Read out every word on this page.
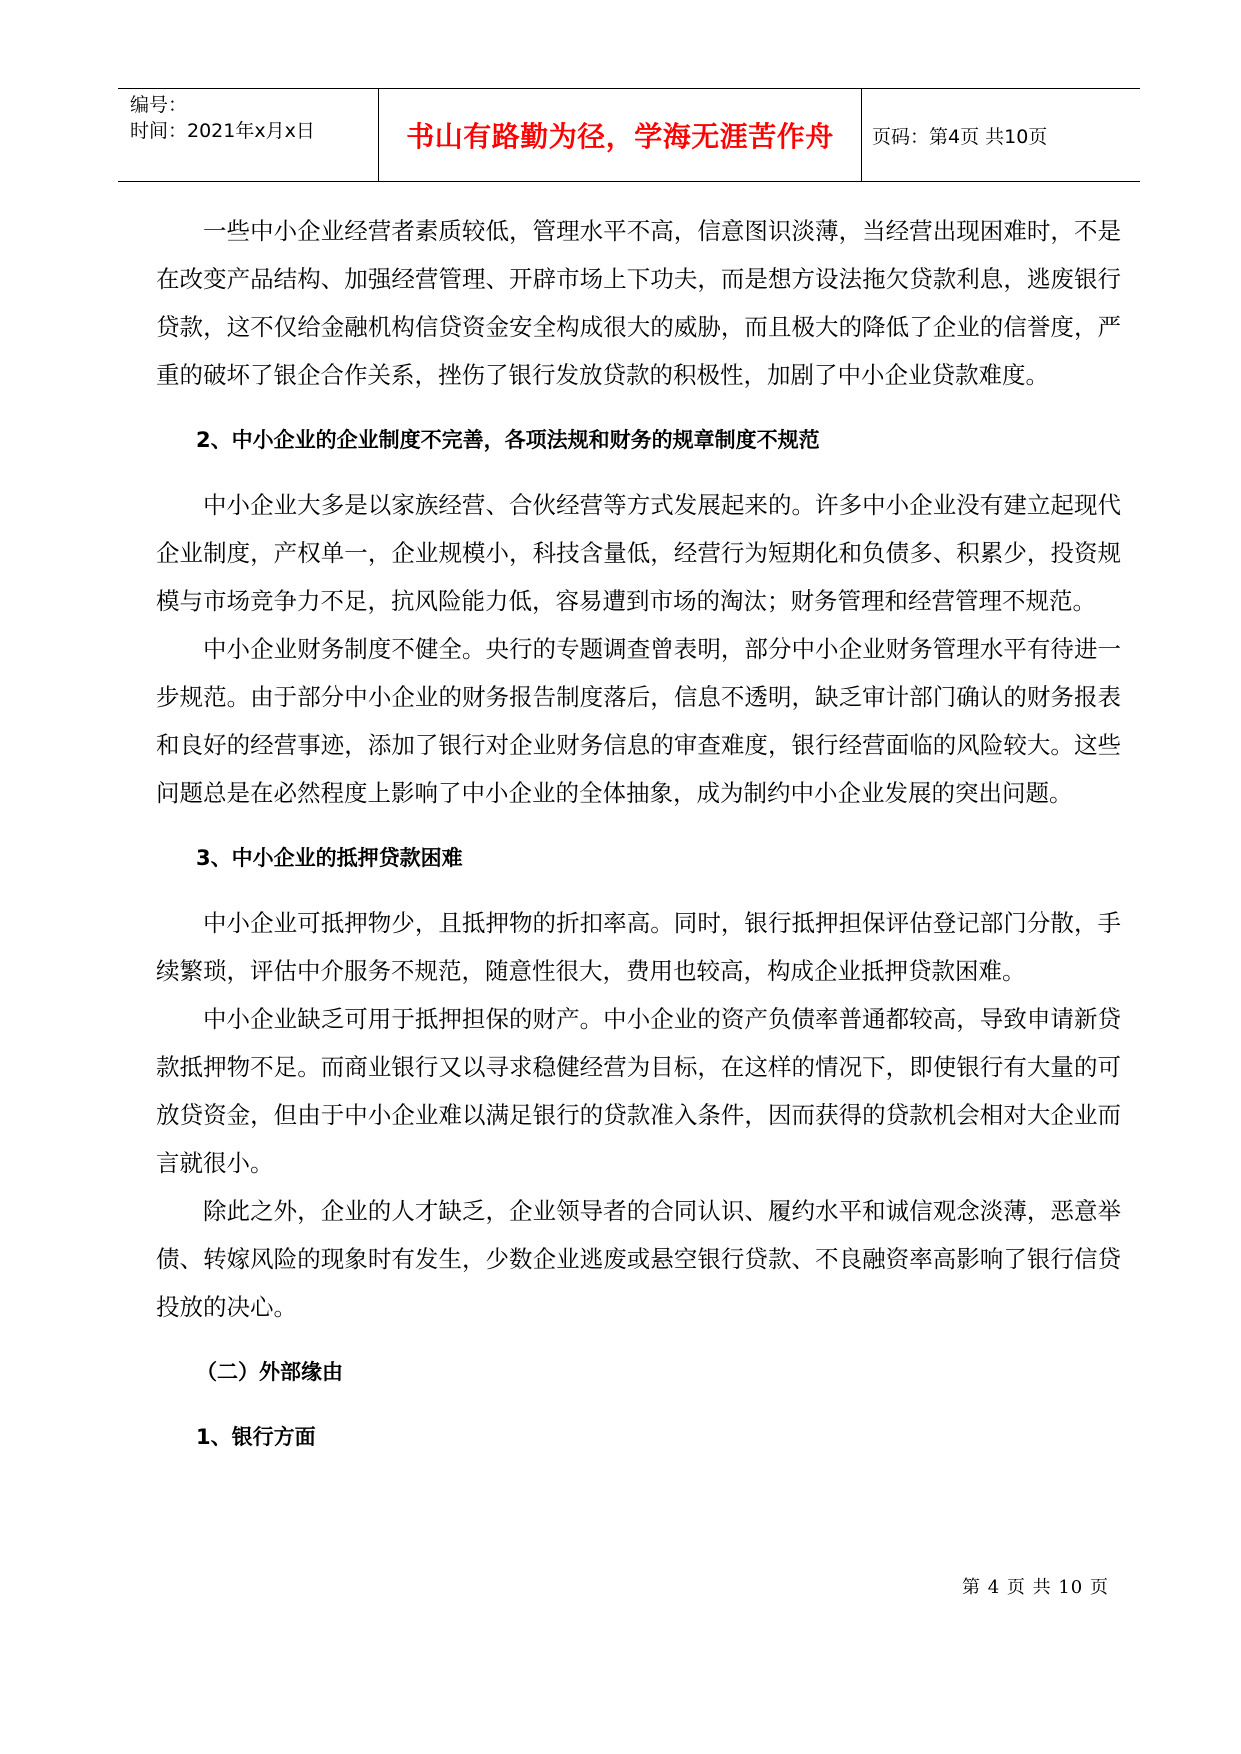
编号：
时间：2021年x月x日	书山有路勤为径，学海无涯苦作舟	页码：第4页 共10页

一些中小企业经营者素质较低，管理水平不高，信意图识淡薄，当经营出现困难时，不是在改变产品结构、加强经营管理、开辟市场上下功夫，而是想方设法拖欠贷款利息，逃废银行贷款，这不仅给金融机构信贷资金安全构成很大的威胁，而且极大的降低了企业的信誉度，严重的破坏了银企合作关系，挫伤了银行发放贷款的积极性，加剧了中小企业贷款难度。

2、中小企业的企业制度不完善，各项法规和财务的规章制度不规范

中小企业大多是以家族经营、合伙经营等方式发展起来的。许多中小企业没有建立起现代企业制度，产权单一，企业规模小，科技含量低，经营行为短期化和负债多、积累少，投资规模与市场竞争力不足，抗风险能力低，容易遭到市场的淘汰；财务管理和经营管理不规范。

中小企业财务制度不健全。央行的专题调查曾表明，部分中小企业财务管理水平有待进一步规范。由于部分中小企业的财务报告制度落后，信息不透明，缺乏审计部门确认的财务报表和良好的经营事迹，添加了银行对企业财务信息的审查难度，银行经营面临的风险较大。这些问题总是在必然程度上影响了中小企业的全体抽象，成为制约中小企业发展的突出问题。

3、中小企业的抵押贷款困难

中小企业可抵押物少，且抵押物的折扣率高。同时，银行抵押担保评估登记部门分散，手续繁琐，评估中介服务不规范，随意性很大，费用也较高，构成企业抵押贷款困难。

中小企业缺乏可用于抵押担保的财产。中小企业的资产负债率普通都较高，导致申请新贷款抵押物不足。而商业银行又以寻求稳健经营为目标，在这样的情况下，即使银行有大量的可放贷资金，但由于中小企业难以满足银行的贷款准入条件，因而获得的贷款机会相对大企业而言就很小。

除此之外，企业的人才缺乏，企业领导者的合同认识、履约水平和诚信观念淡薄，恶意举债、转嫁风险的现象时有发生，少数企业逃废或悬空银行贷款、不良融资率高影响了银行信贷投放的决心。

（二）外部缘由
1、银行方面
第 4 页 共 10 页
